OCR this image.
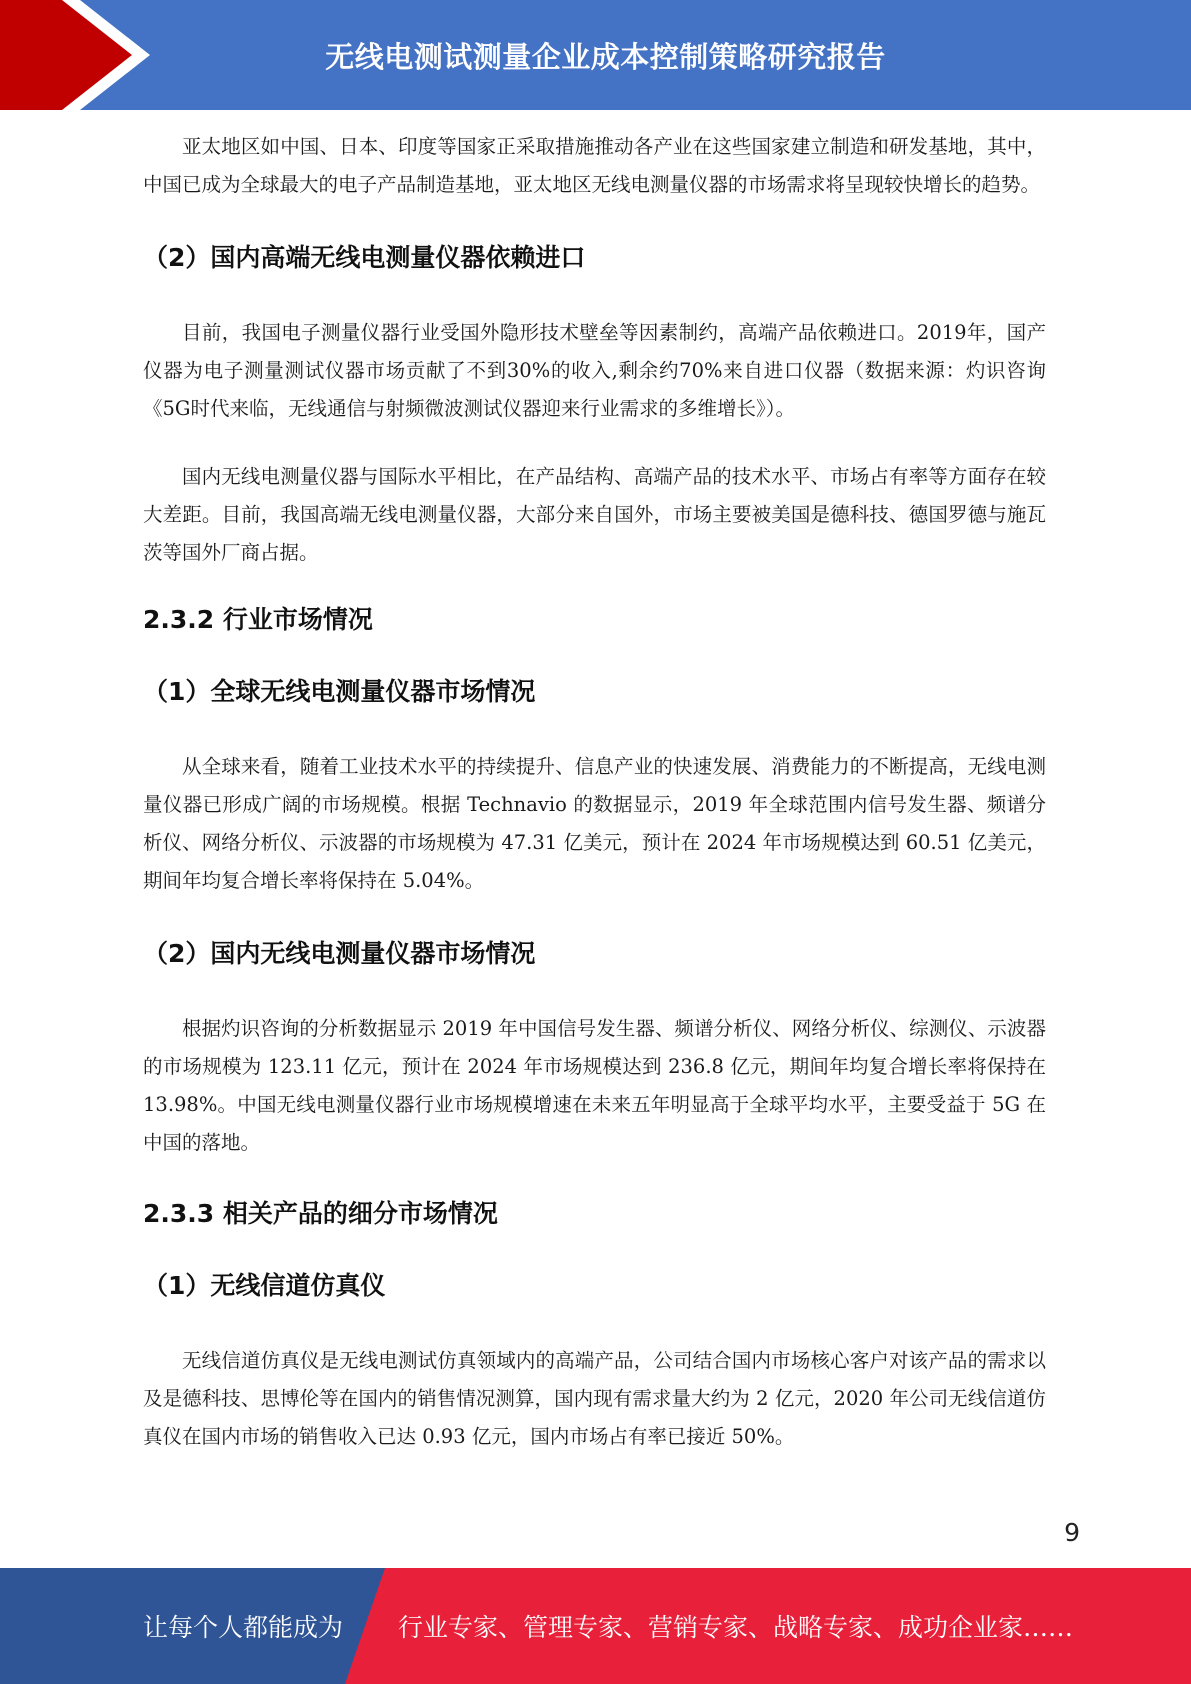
无线电测试测量企业成本控制策略研究报告

亚太地区如中国、日本、印度等国家正采取措施推动各产业在这些国家建立制造和研发基地，其中，中国已成为全球最大的电子产品制造基地，亚太地区无线电测量仪器的市场需求将呈现较快增长的趋势。

（2）国内高端无线电测量仪器依赖进口

目前，我国电子测量仪器行业受国外隐形技术壁垒等因素制约，高端产品依赖进口。2019年，国产仪器为电子测量测试仪器市场贡献了不到30%的收入,剩余约70%来自进口仪器（数据来源：灼识咨询《5G时代来临，无线通信与射频微波测试仪器迎来行业需求的多维增长》）。

国内无线电测量仪器与国际水平相比，在产品结构、高端产品的技术水平、市场占有率等方面存在较大差距。目前，我国高端无线电测量仪器，大部分来自国外，市场主要被美国是德科技、德国罗德与施瓦茨等国外厂商占据。

2.3.2 行业市场情况
（1）全球无线电测量仪器市场情况

从全球来看，随着工业技术水平的持续提升、信息产业的快速发展、消费能力的不断提高，无线电测量仪器已形成广阔的市场规模。根据 Technavio 的数据显示，2019 年全球范围内信号发生器、频谱分析仪、网络分析仪、示波器的市场规模为 47.31 亿美元，预计在 2024 年市场规模达到 60.51 亿美元，期间年均复合增长率将保持在 5.04%。

（2）国内无线电测量仪器市场情况

根据灼识咨询的分析数据显示 2019 年中国信号发生器、频谱分析仪、网络分析仪、综测仪、示波器的市场规模为 123.11 亿元，预计在 2024 年市场规模达到 236.8 亿元，期间年均复合增长率将保持在 13.98%。中国无线电测量仪器行业市场规模增速在未来五年明显高于全球平均水平，主要受益于 5G 在中国的落地。

2.3.3 相关产品的细分市场情况
（1）无线信道仿真仪

无线信道仿真仪是无线电测试仿真领域内的高端产品，公司结合国内市场核心客户对该产品的需求以及是德科技、思博伦等在国内的销售情况测算，国内现有需求量大约为 2 亿元，2020 年公司无线信道仿真仪在国内市场的销售收入已达 0.93 亿元，国内市场占有率已接近 50%。

9
让每个人都能成为 行业专家、管理专家、营销专家、战略专家、成功企业家……
